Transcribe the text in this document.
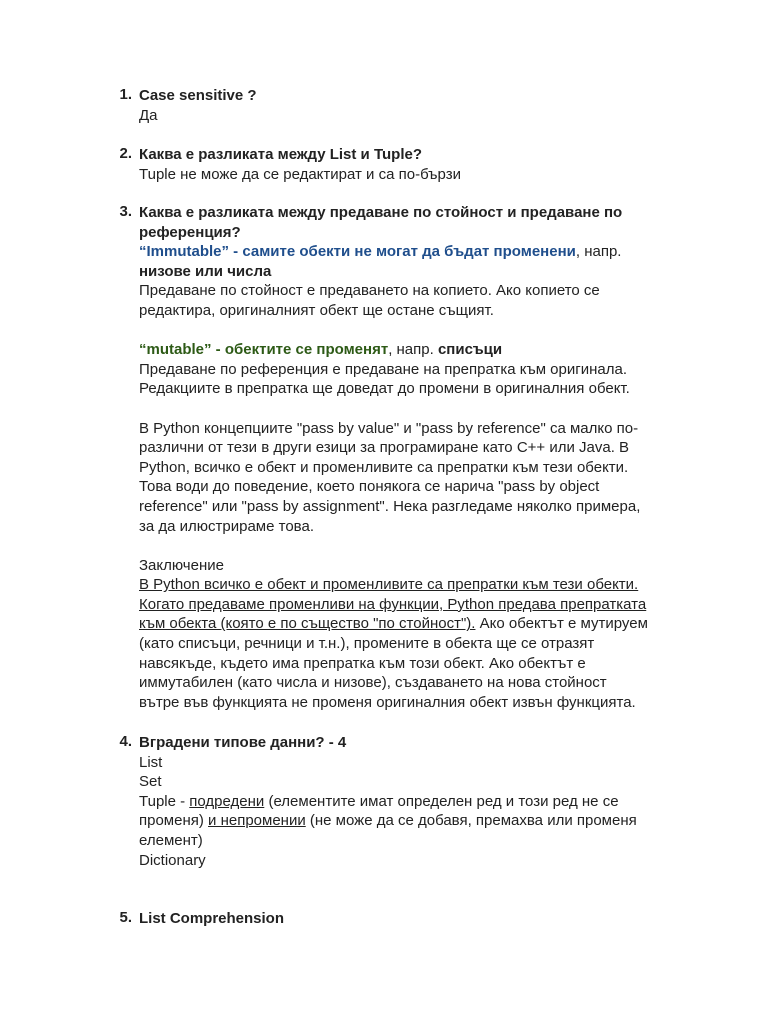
1. Case sensitive ?
Да
2. Каква е разликата между List и Tuple?
Tuple не може да се редактират и са по-бързи
3. Каква е разликата между предаване по стойност и предаване по
референция?
“Immutable” - самите обекти не могат да бъдат променени, напр.
низове или числа
Предаване по стойност е предаването на копието. Ако копието се
редактира, оригиналният обект ще остане същият.
“mutable” - обектите се променят, напр. списъци
Предаване по референция е предаване на препратка към оригинала.
Редакциите в препратка ще доведат до промени в оригиналния обект.
В Python концепциите "pass by value" и "pass by reference" са малко по-
различни от тези в други езици за програмиране като C++ или Java. В
Python, всичко е обект и променливите са препратки към тези обекти.
Това води до поведение, което понякога се нарича "pass by object
reference" или "pass by assignment". Нека разгледаме няколко примера,
за да илюстрираме това.
Заключение
В Python всичко е обект и променливите са препратки към тези обекти.
Когато предаваме променливи на функции, Python предава препратката
към обекта (която е по същество "по стойност"). Ако обектът е мутируем
(като списъци, речници и т.н.), промените в обекта ще се отразят
навсякъде, където има препратка към този обект. Ако обектът е
иммутабилен (като числа и низове), създаването на нова стойност
вътре във функцията не променя оригиналния обект извън функцията.
4. Вградени типове данни? - 4
List
Set
Tuple - подредени (елементите имат определен ред и този ред не се
променя) и непромении (не може да се добавя, премахва или променя
елемент)
Dictionary
5. List Comprehension
